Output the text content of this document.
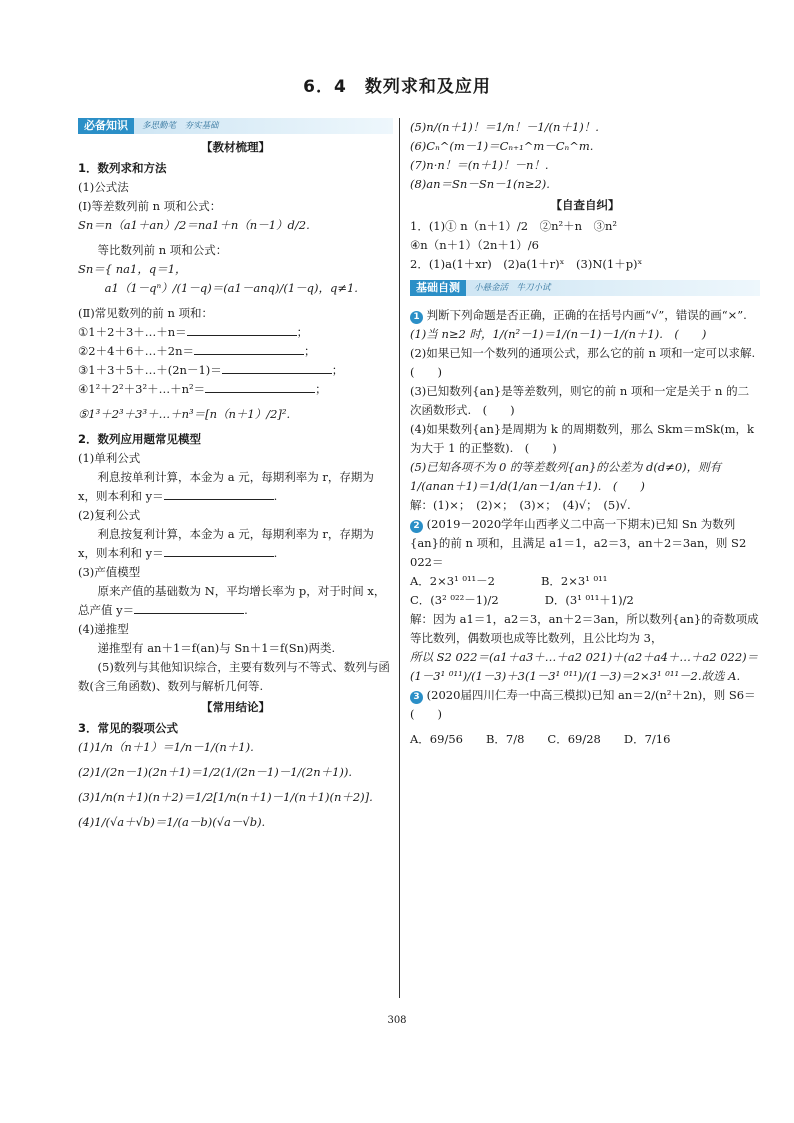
6．4　数列求和及应用
必备知识	多思勤笔　夯实基础
【教材梳理】
1．数列求和方法
(1)公式法
(Ⅰ)等差数列前 n 项和公式：
Sn＝n（a1＋an）/2＝na1＋n（n－1）d/2.
等比数列前 n 项和公式：
Sn＝{ na1，q＝1，
　　 a1（1－qⁿ）/(1－q)＝(a1－anq)/(1－q)，q≠1.
(Ⅱ)常见数列的前 n 项和：
①1＋2＋3＋…＋n＝	；
②2＋4＋6＋…＋2n＝	；
③1＋3＋5＋…＋(2n－1)＝	；
④1²＋2²＋3²＋…＋n²＝	；
⑤1³＋2³＋3³＋…＋n³＝[n（n＋1）/2]².
2．数列应用题常见模型
(1)单利公式
利息按单利计算，本金为 a 元，每期利率为 r，存期为 x，则本利和 y＝	.
(2)复利公式
利息按复利计算，本金为 a 元，每期利率为 r，存期为 x，则本利和 y＝	.
(3)产值模型
原来产值的基础数为 N，平均增长率为 p，对于时间 x，总产值 y＝	.
(4)递推型
递推型有 an＋1＝f(an)与 Sn＋1＝f(Sn)两类.
(5)数列与其他知识综合，主要有数列与不等式、数列与函数(含三角函数)、数列与解析几何等.
【常用结论】
3．常见的裂项公式
(1)1/n（n＋1）＝1/n－1/(n＋1).
(2)1/(2n－1)(2n＋1)＝1/2(1/(2n－1)－1/(2n＋1)).
(3)1/n(n＋1)(n＋2)＝1/2[1/n(n＋1)－1/(n＋1)(n＋2)].
(4)1/(√a＋√b)＝1/(a－b)(√a－√b).
(5)n/(n＋1)！＝1/n！－1/(n＋1)！.
(6)Cₙ^(m－1)＝Cₙ₊₁^m－Cₙ^m.
(7)n·n！＝(n＋1)！－n！.
(8)an＝Sn－Sn－1(n≥2).
【自查自纠】
1．(1)① n（n＋1）/2　②n²＋n　③n²
④n（n＋1）（2n＋1）/6
2．(1)a(1＋xr)　(2)a(1＋r)ˣ　(3)N(1＋p)ˣ
基础自测	小悬金活　牛刀小试
1 判断下列命题是否正确，正确的在括号内画“√”，错误的画“×”.
(1)当 n≥2 时，1/(n²－1)＝1/(n－1)－1/(n＋1).　(　　)
(2)如果已知一个数列的通项公式，那么它的前 n 项和一定可以求解.　(　　)
(3)已知数列{an}是等差数列，则它的前 n 项和一定是关于 n 的二次函数形式.　(　　)
(4)如果数列{an}是周期为 k 的周期数列，那么 Skm＝mSk(m，k 为大于 1 的正整数).　(　　)
(5)已知各项不为 0 的等差数列{an}的公差为 d(d≠0)，则有 1/(anan＋1)＝1/d(1/an－1/an＋1).　(　　)
解：(1)×；　(2)×；　(3)×；　(4)√；　(5)√.
2 (2019－2020学年山西孝义二中高一下期末)已知 Sn 为数列{an}的前 n 项和，且满足 a1＝1，a2＝3，an＋2＝3an，则 S2 022＝
A．2×3¹ ⁰¹¹－2　　　　B．2×3¹ ⁰¹¹
C．(3² ⁰²²－1)/2　　　　D．(3¹ ⁰¹¹＋1)/2
解：因为 a1＝1，a2＝3，an＋2＝3an，所以数列{an}的奇数项成等比数列，偶数项也成等比数列，且公比均为 3，
所以 S2 022＝(a1＋a3＋…＋a2 021)＋(a2＋a4＋…＋a2 022)＝(1－3¹ ⁰¹¹)/(1－3)＋3(1－3¹ ⁰¹¹)/(1－3)＝2×3¹ ⁰¹¹－2.故选 A.
3 (2020届四川仁寿一中高三模拟)已知 an＝2/(n²＋2n)，则 S6＝　(　　)
A．69/56　　B．7/8　　C．69/28　　D．7/16
308
